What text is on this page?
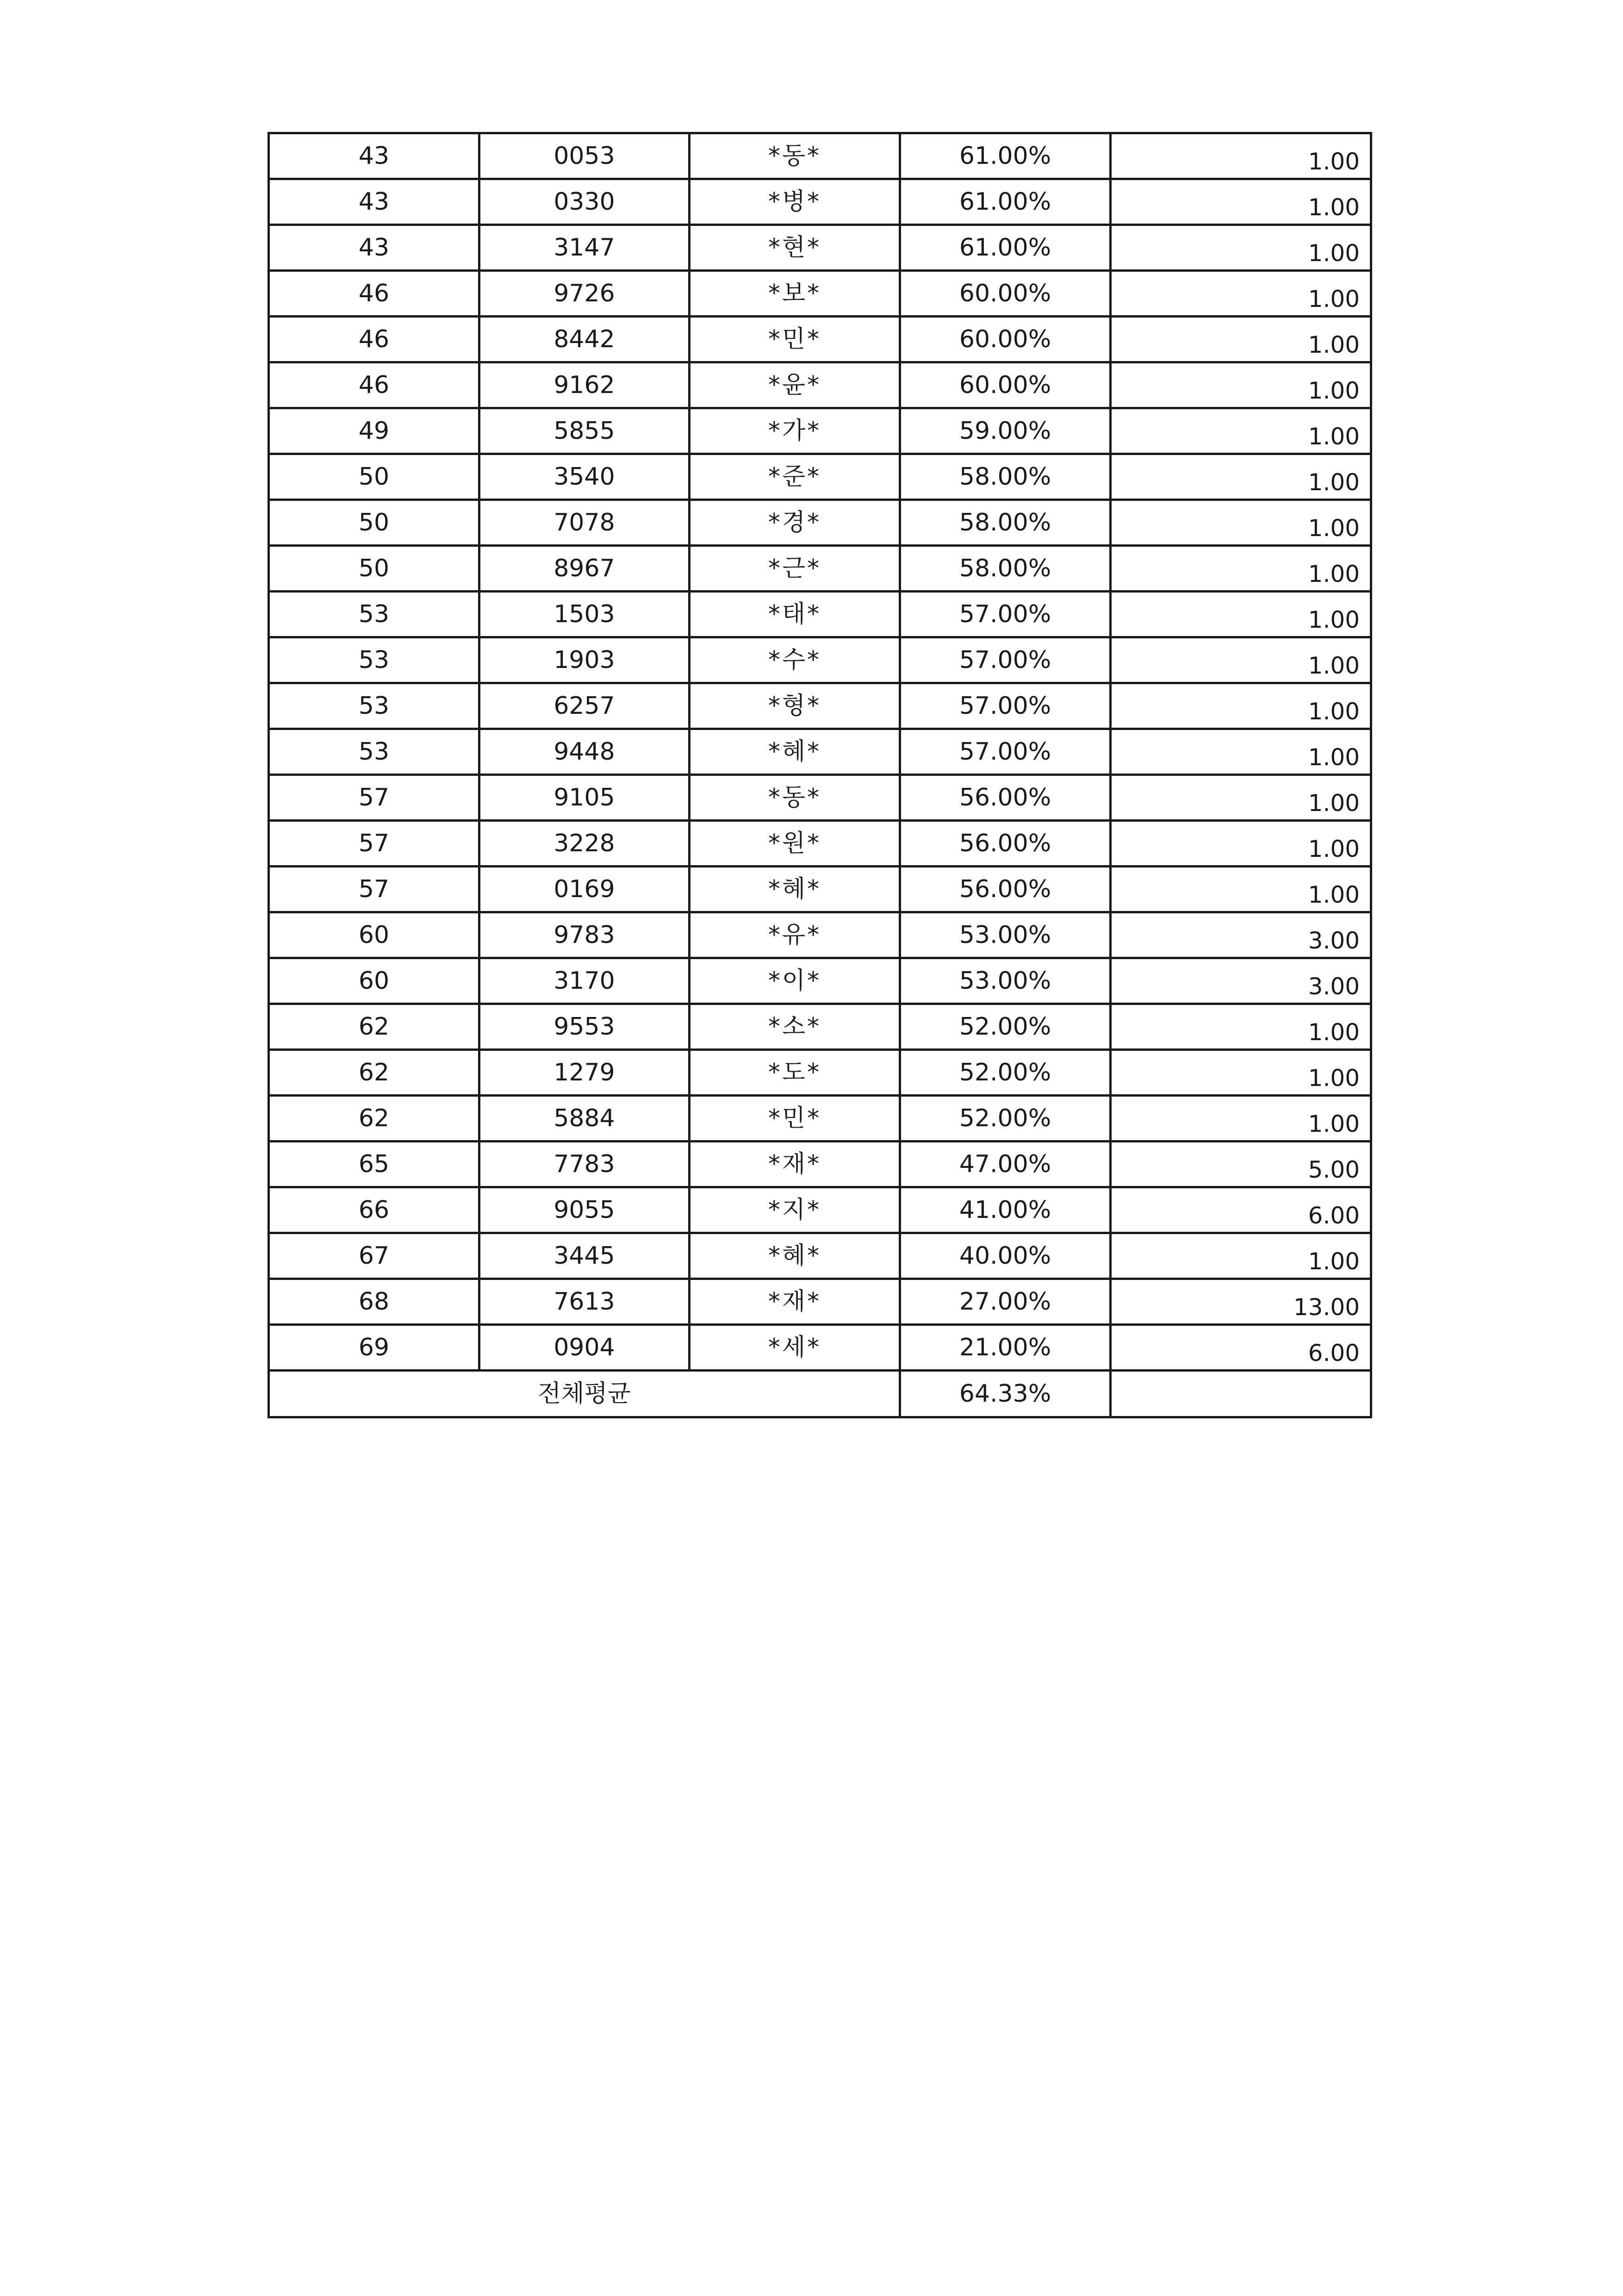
43	0053	*동*	61.00%	1.00
43	0330	*병*	61.00%	1.00
43	3147	*현*	61.00%	1.00
46	9726	*보*	60.00%	1.00
46	8442	*민*	60.00%	1.00
46	9162	*윤*	60.00%	1.00
49	5855	*가*	59.00%	1.00
50	3540	*준*	58.00%	1.00
50	7078	*경*	58.00%	1.00
50	8967	*근*	58.00%	1.00
53	1503	*태*	57.00%	1.00
53	1903	*수*	57.00%	1.00
53	6257	*형*	57.00%	1.00
53	9448	*혜*	57.00%	1.00
57	9105	*동*	56.00%	1.00
57	3228	*원*	56.00%	1.00
57	0169	*혜*	56.00%	1.00
60	9783	*유*	53.00%	3.00
60	3170	*이*	53.00%	3.00
62	9553	*소*	52.00%	1.00
62	1279	*도*	52.00%	1.00
62	5884	*민*	52.00%	1.00
65	7783	*재*	47.00%	5.00
66	9055	*지*	41.00%	6.00
67	3445	*혜*	40.00%	1.00
68	7613	*재*	27.00%	13.00
69	0904	*세*	21.00%	6.00
전체평균			64.33%	
